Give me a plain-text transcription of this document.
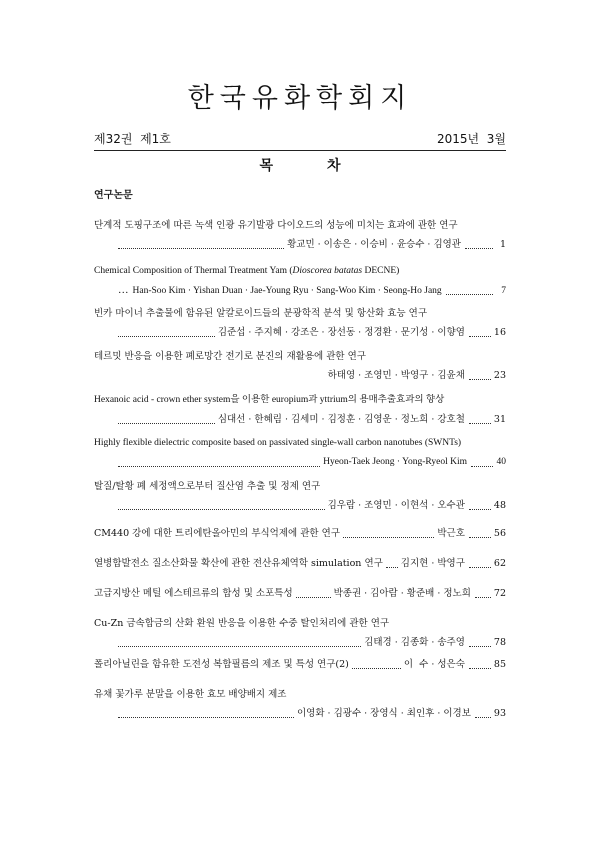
한국유화학회지
제32권  제1호	2015년  3월
목차
연구논문
단계적 도핑구조에 따른 녹색 인광 유기발광 다이오드의 성능에 미치는 효과에 관한 연구
황교민 · 이송은 · 이승비 · 윤승수 · 김영관	1
Chemical Composition of Thermal Treatment Yam (Dioscorea batatas DECNE)
… Han-Soo Kim · Yishan Duan · Jae-Young Ryu · Sang-Woo Kim · Seong-Ho Jang	7
빈카 마이너 추출물에 함유된 알칼로이드들의 분광학적 분석 및 항산화 효능 연구
김준섭 · 주지혜 · 강조은 · 장선동 · 정경환 · 문기성 · 이향염	16
테르밋 반응을 이용한 폐로망간 전기로 분진의 재활용에 관한 연구
하태영 · 조영민 · 박영구 · 김윤채	23
Hexanoic acid - crown ether system을 이용한 europium과 yttrium의 용매추출효과의 향상
심대선 · 한혜림 · 김세미 · 김정훈 · 김영운 · 정노희 · 강호철	31
Highly flexible dielectric composite based on passivated single-wall carbon nanotubes (SWNTs)
Hyeon-Taek Jeong · Yong-Ryeol Kim	40
탈질/탈황 폐 세정액으로부터 질산염 추출 및 정제 연구
김우람 · 조영민 · 이현석 · 오수관	48
CM440 강에 대한 트리에탄올아민의 부식억제에 관한 연구	박근호	56
열병합발전소 질소산화물 확산에 관한 전산유체역학 simulation 연구 김지현 · 박영구	62
고급지방산 메틸 에스테르류의 합성 및 소포특성	박종권 · 김아람 · 황준배 · 정노희 72
Cu-Zn 금속합금의 산화 환원 반응을 이용한 수중 탈인처리에 관한 연구
김태경 · 김종화 · 송주영	78
폴리아닐린을 함유한 도전성 복합필름의 제조 및 특성 연구(2)	이  수 · 성은숙	85
유채 꽃가루 분말을 이용한 효모 배양배지 제조
이영화 · 김광수 · 장영식 · 최인후 · 이경보 93
